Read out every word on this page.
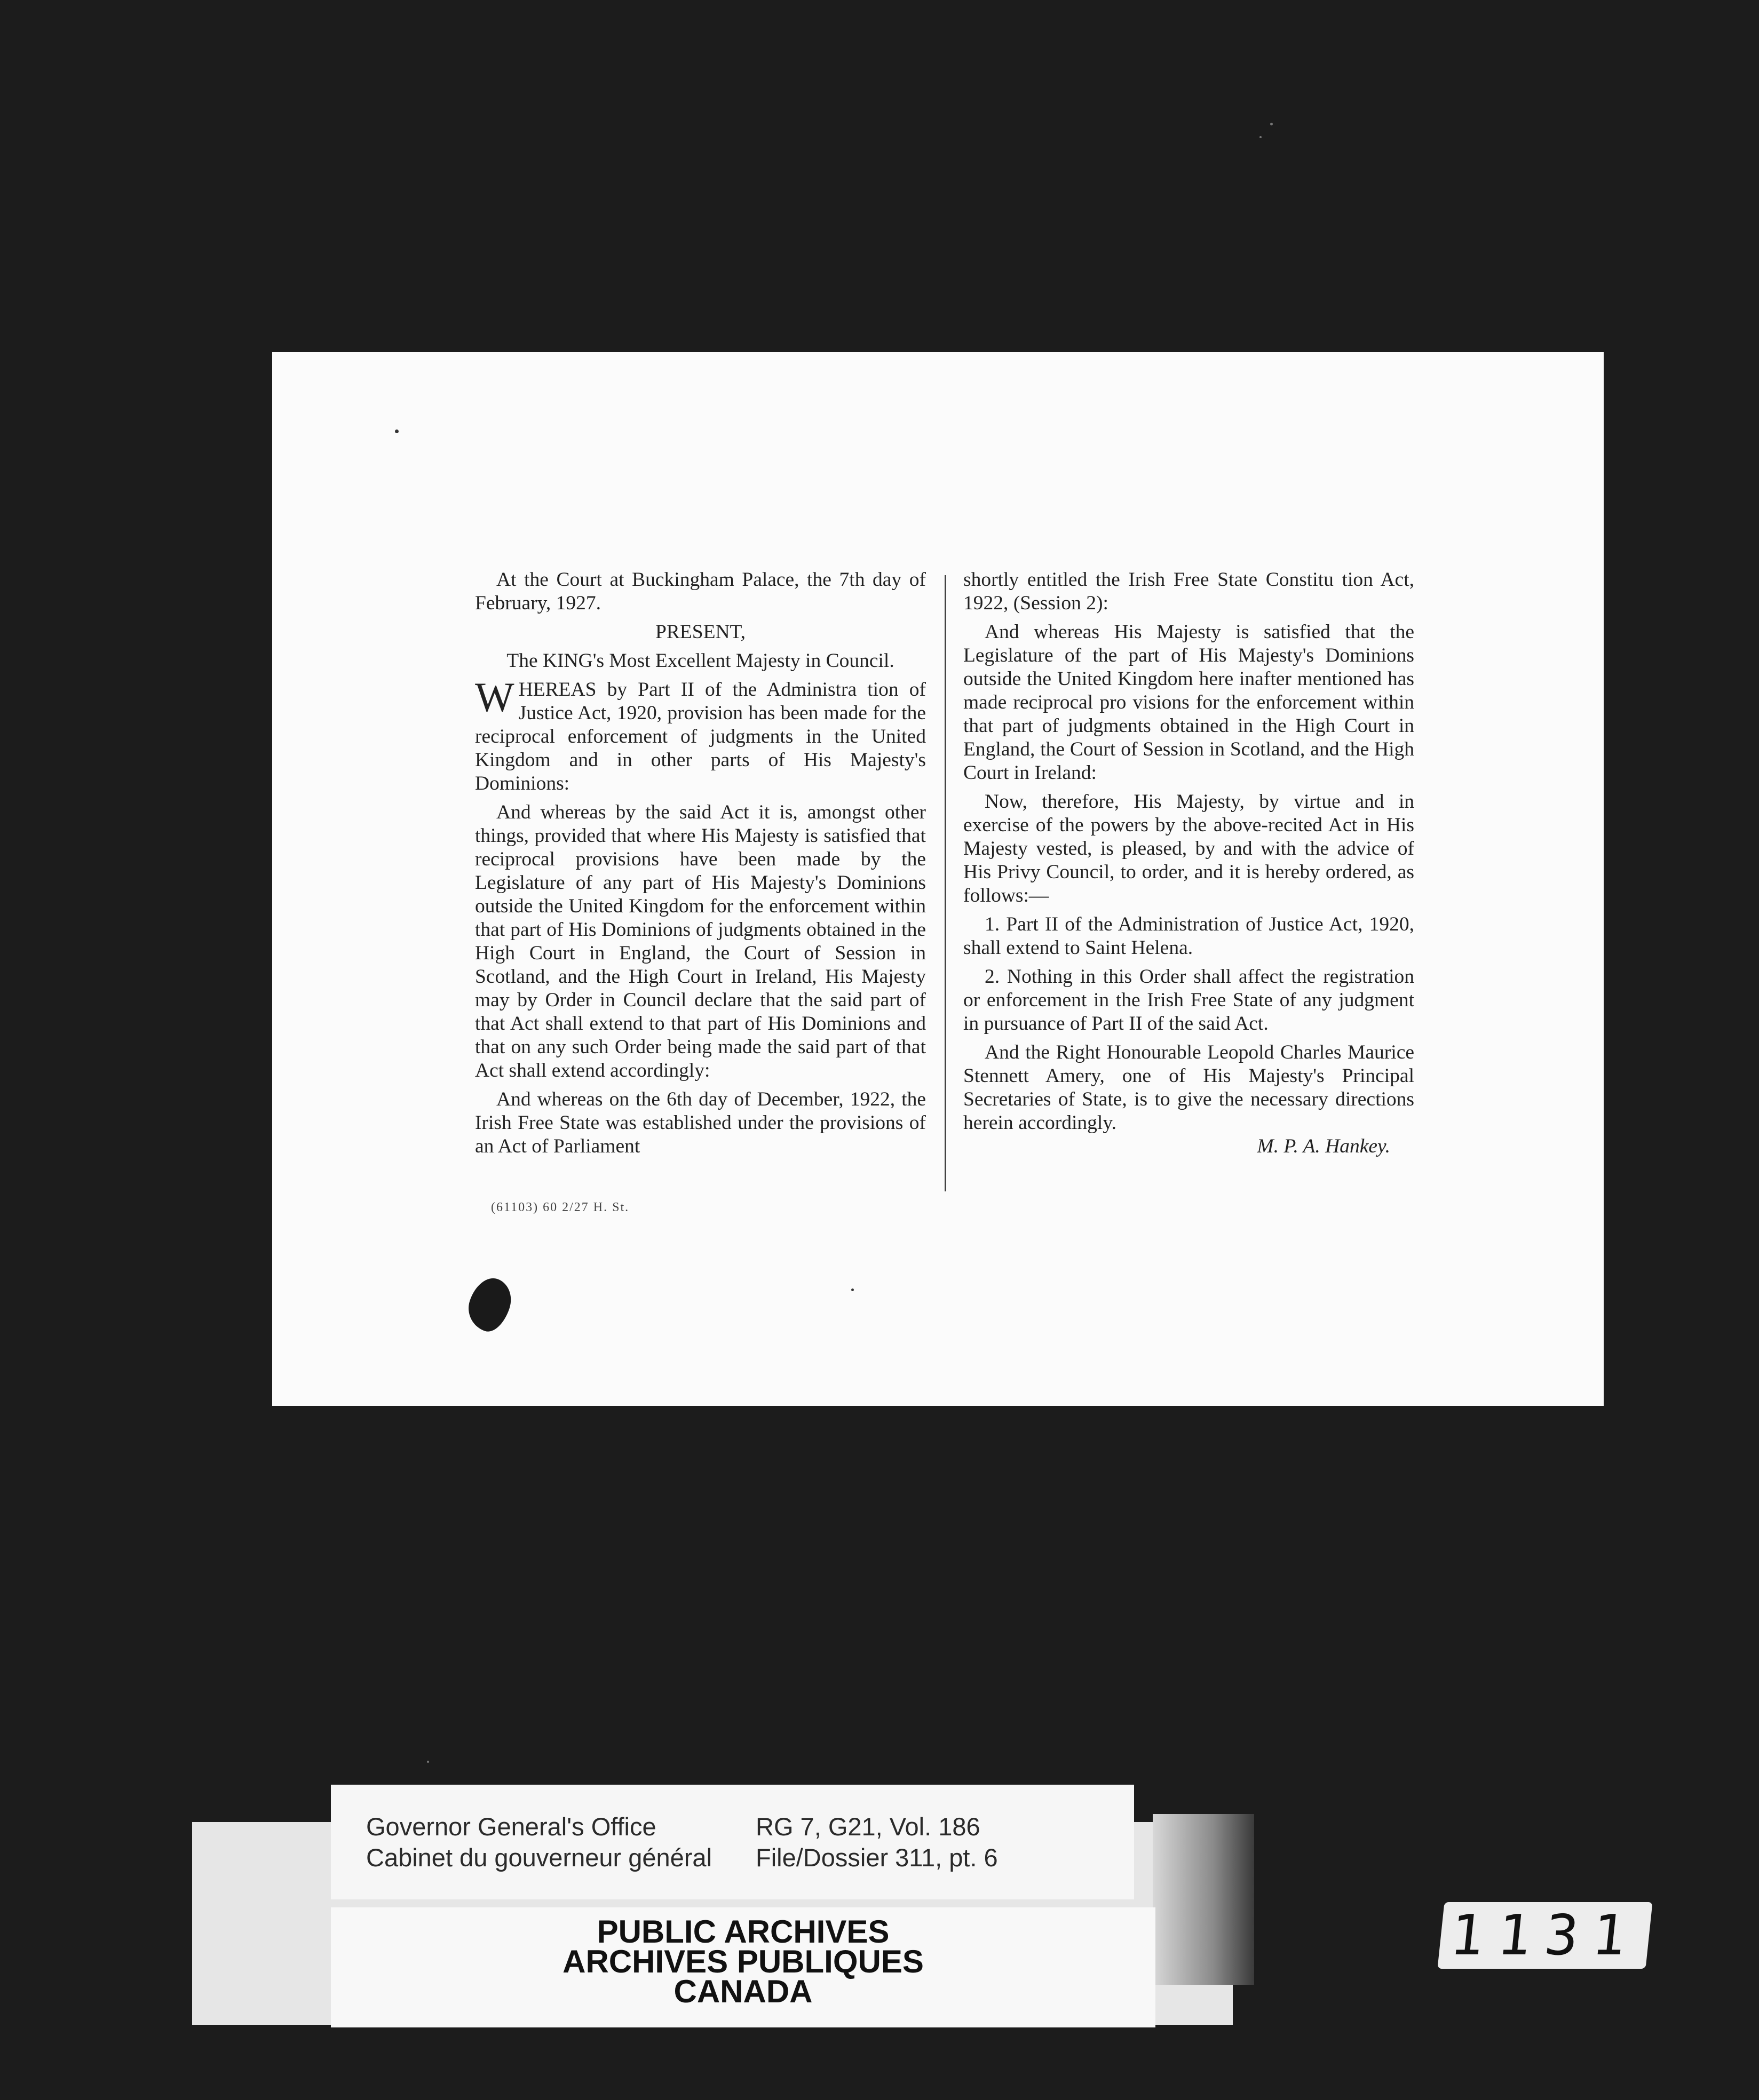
At the Court at Buckingham Palace, the 7th day of February, 1927.

PRESENT,

The KING's Most Excellent Majesty in Council.

WHEREAS by Part II of the Administra tion of Justice Act, 1920, provision has been made for the reciprocal enforcement of judgments in the United Kingdom and in other parts of His Majesty's Dominions:

And whereas by the said Act it is, amongst other things, provided that where His Majesty is satisfied that reciprocal provisions have been made by the Legislature of any part of His Majesty's Dominions outside the United Kingdom for the enforcement within that part of His Dominions of judgments obtained in the High Court in England, the Court of Session in Scotland, and the High Court in Ireland, His Majesty may by Order in Council declare that the said part of that Act shall extend to that part of His Dominions and that on any such Order being made the said part of that Act shall extend accordingly:

And whereas on the 6th day of December, 1922, the Irish Free State was established under the provisions of an Act of Parliament

shortly entitled the Irish Free State Constitu tion Act, 1922, (Session 2):

And whereas His Majesty is satisfied that the Legislature of the part of His Majesty's Dominions outside the United Kingdom here inafter mentioned has made reciprocal pro visions for the enforcement within that part of judgments obtained in the High Court in England, the Court of Session in Scotland, and the High Court in Ireland:

Now, therefore, His Majesty, by virtue and in exercise of the powers by the above-recited Act in His Majesty vested, is pleased, by and with the advice of His Privy Council, to order, and it is hereby ordered, as follows:—

1. Part II of the Administration of Justice Act, 1920, shall extend to Saint Helena.

2. Nothing in this Order shall affect the registration or enforcement in the Irish Free State of any judgment in pursuance of Part II of the said Act.

And the Right Honourable Leopold Charles Maurice Stennett Amery, one of His Majesty's Principal Secretaries of State, is to give the necessary directions herein accordingly.

M. P. A. Hankey.

(61103) 60 2/27 H. St.
Governor General's Office
Cabinet du gouverneur général
RG 7, G21, Vol. 186
File/Dossier 311, pt. 6
PUBLIC ARCHIVES
ARCHIVES PUBLIQUES
CANADA
1131
